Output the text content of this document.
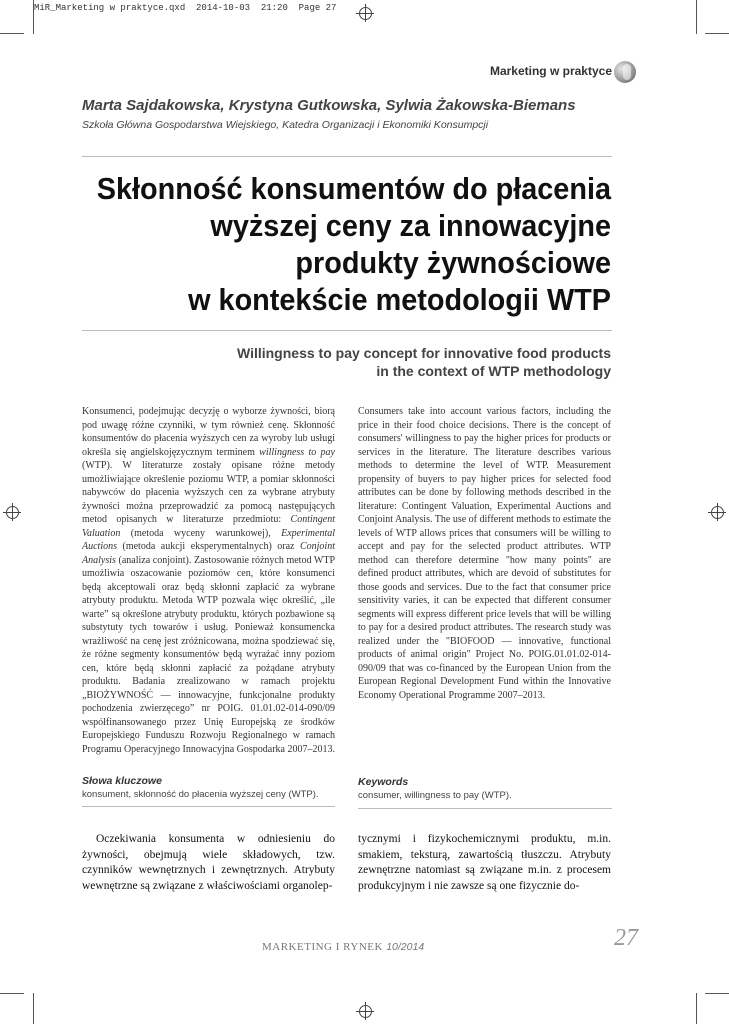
MiR_Marketing w praktyce.qxd  2014-10-03  21:20  Page 27
Marketing w praktyce
Marta Sajdakowska, Krystyna Gutkowska, Sylwia Żakowska-Biemans
Szkoła Główna Gospodarstwa Wiejskiego, Katedra Organizacji i Ekonomiki Konsumpcji
Skłonność konsumentów do płacenia
wyższej ceny za innowacyjne
produkty żywnościowe
w kontekście metodologii WTP
Willingness to pay concept for innovative food products
in the context of WTP methodology
Konsumenci, podejmując decyzję o wyborze żywności, biorą pod uwagę różne czynniki, w tym również cenę. Skłonność konsumentów do płacenia wyższych cen za wyroby lub usługi określa się angielskojęzycznym terminem willingness to pay (WTP). W literaturze zostały opisane różne metody umożliwiające określenie poziomu WTP, a pomiar skłonności nabywców do płacenia wyższych cen za wybrane atrybuty żywności można przeprowadzić za pomocą następujących metod opisanych w literaturze przedmiotu: Contingent Valuation (metoda wyceny warunkowej), Experimental Auctions (metoda aukcji eksperymentalnych) oraz Conjoint Analysis (analiza conjoint). Zastosowanie różnych metod WTP umożliwia oszacowanie poziomów cen, które konsumenci będą akceptowali oraz będą skłonni zapłacić za wybrane atrybuty produktu. Metoda WTP pozwala więc określić, „ile warte” są określone atrybuty produktu, których pozbawione są substytuty tych towarów i usług. Ponieważ konsumencka wrażliwość na cenę jest zróżnicowana, można spodziewać się, że różne segmenty konsumentów będą wyrażać inny poziom cen, które będą skłonni zapłacić za pożądane atrybuty produktu. Badania zrealizowano w ramach projektu „BIOŻYWNOŚĆ — innowacyjne, funkcjonalne produkty pochodzenia zwierzęcego” nr POIG. 01.01.02-014-090/09 współfinansowanego przez Unię Europejską ze środków Europejskiego Funduszu Rozwoju Regionalnego w ramach Programu Operacyjnego Innowacyjna Gospodarka 2007–2013.
Consumers take into account various factors, including the price in their food choice decisions. There is the concept of consumers' willingness to pay the higher prices for products or services in the literature. The literature describes various methods to determine the level of WTP. Measurement propensity of buyers to pay higher prices for selected food attributes can be done by following methods described in the literature: Contingent Valuation, Experimental Auctions and Conjoint Analysis. The use of different methods to estimate the levels of WTP allows prices that consumers will be willing to accept and pay for the selected product attributes. WTP method can therefore determine "how many points" are defined product attributes, which are devoid of substitutes for those goods and services. Due to the fact that consumer price sensitivity varies, it can be expected that different consumer segments will express different price levels that will be willing to pay for a desired product attributes. The research study was realized under the "BIOFOOD — innovative, functional products of animal origin" Project No. POIG.01.01.02-014-090/09 that was co-financed by the European Union from the European Regional Development Fund within the Innovative Economy Operational Programme 2007–2013.
Słowa kluczowe
konsument, skłonność do płacenia wyższej ceny (WTP).
Keywords
consumer, willingness to pay (WTP).
Oczekiwania konsumenta w odniesieniu do żywności, obejmują wiele składowych, tzw. czynników wewnętrznych i zewnętrznych. Atrybuty wewnętrzne są związane z właściwościami organolep-
tycznymi i fizykochemicznymi produktu, m.in. smakiem, teksturą, zawartością tłuszczu. Atrybuty zewnętrzne natomiast są związane m.in. z procesem produkcyjnym i nie zawsze są one fizycznie do-
MARKETING I RYNEK 10/2014	27
